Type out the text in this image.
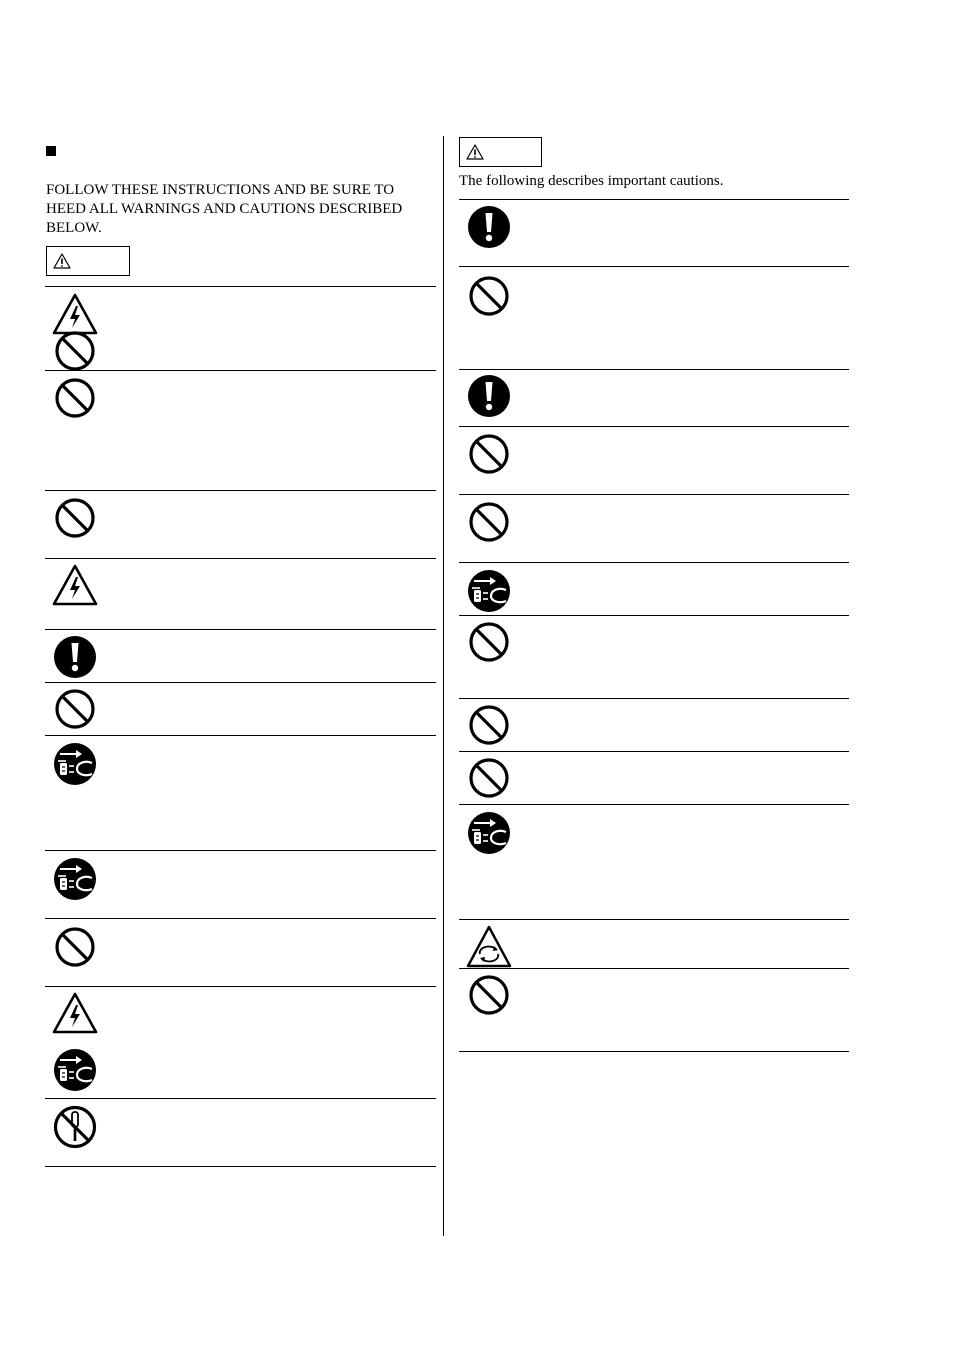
FOLLOW THESE INSTRUCTIONS AND BE SURE TO HEED ALL WARNINGS AND CAUTIONS DESCRIBED BELOW.
The following describes important cautions.
